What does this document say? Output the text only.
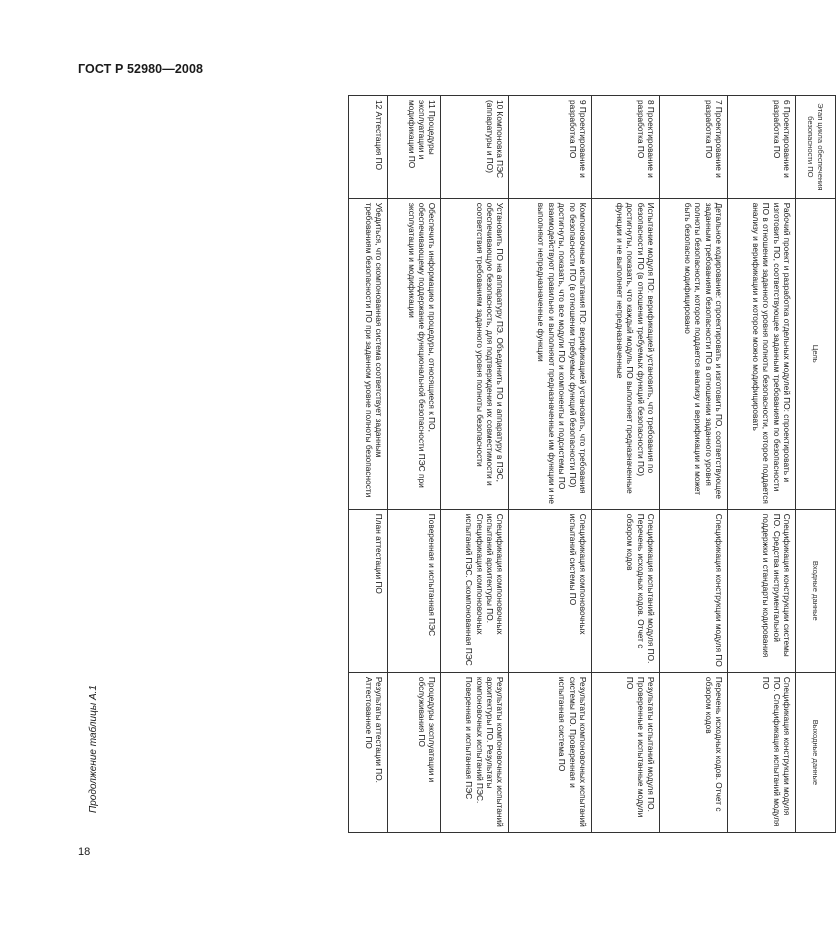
ГОСТ Р 52980—2008
18
Продолжение таблицы А.1
Этап цикла обеспечения безопасности ПО	Цель	Входные данные	Выходные данные
6 Проектирование и разработка ПО	Рабочий проект и разработка отдельных модулей ПО: спроектировать и изготовить ПО, соответствующее заданным требованиям по безопасности ПО в отношении заданного уровня полноты безопасности, которое поддается анализу и верификации и которое можно модифицировать	Спецификация конструкции системы ПО. Средства инструментальной поддержки и стандарты кодирования	Спецификация конструкции модуля ПО. Спецификация испытаний модуля ПО
7 Проектирование и разработка ПО	Детальное кодирование: спроектировать и изготовить ПО, соответствующее заданным требованиям безопасности ПО в отношении заданного уровня полноты безопасности, которое поддается анализу и верификации и может быть безопасно модифицировано	Спецификация конструкции модуля ПО	Перечень исходных кодов. Отчет с обзором кодов
8 Проектирование и разработка ПО	Испытание модуля ПО: верификацией установить, что требования по безопасности ПО (в отношении требуемых функций безопасности ПО) достигнуты, показать, что каждый модуль ПО выполняет предназначенные функции и не выполняет непредназначенные	Спецификация испытаний модуля ПО. Перечень исходных кодов. Отчет с обзором кодов	Результаты испытаний модуля ПО. Проверенные и испытанные модули ПО
9 Проектирование и разработка ПО	Компоновочные испытания ПО: верификацией установить, что требования по безопасности ПО (в отношении требуемых функций безопасности ПО) достигнуты, показать, что все модули ПО и компоненты и подсистемы ПО взаимодействуют правильно и выполняют предназначенные им функции и не выполняют непредназначенные функции	Спецификация компоновочных испытаний системы ПО	Результаты компоновочных испытаний системы ПО. Проверенная и испытанная система ПО
10 Компоновка ПЭС (аппаратуры и ПО)	Установить ПО на аппаратуру ПЭ. Объединить ПО и аппаратуру в ПЭС, обеспечивающую безопасность, для подтверждения их совместимости и соответствия требованиям заданного уровня полноты безопасности	Спецификация компоновочных испытаний архитектуры ПО. Спецификация компоновочных испытаний ПЭС. Скомпонованная ПЭС	Результаты компоновочных испытаний архитектуры ПО. Результаты компоновочных испытаний ПЭС. Поверенная и испытанная ПЭС
11 Процедуры эксплуатации и модификации ПО	Обеспечить информацию и процедуры, относящиеся к ПО, обеспечивающему поддержание функциональной безопасности ПЭС при эксплуатации и модификации	Поверенная и испытанная ПЭС	Процедуры эксплуатации и обслуживания ПО
12 Аттестация ПО	Убедиться, что скомпонованная система соответствует заданным требованиям безопасности ПО при заданном уровне полноты безопасности	План аттестации ПО	Результаты аттестации ПО. Аттестованное ПО
